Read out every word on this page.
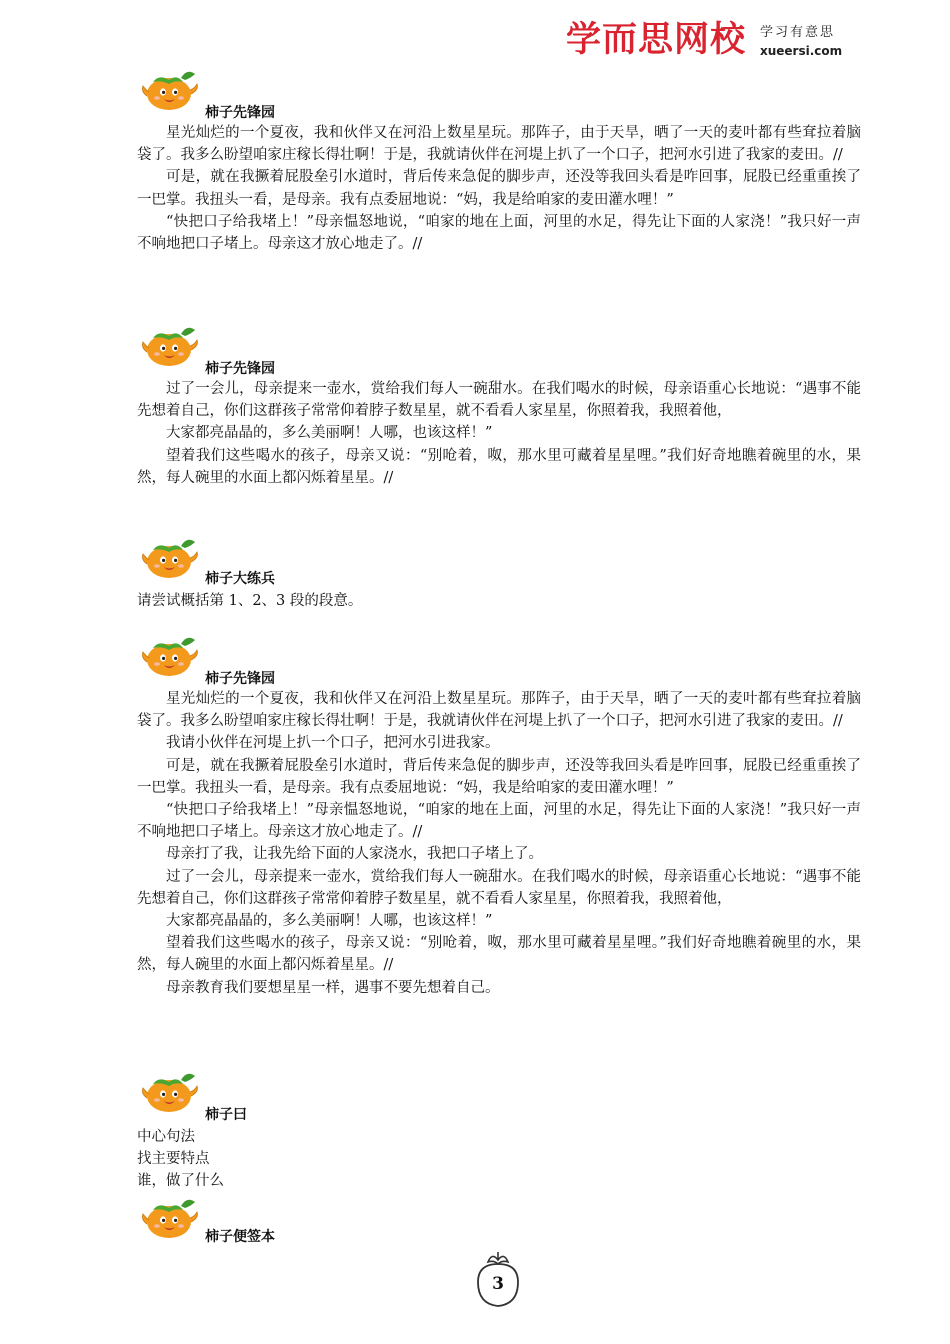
学而思网校 学习有意思
xueersi.com
柿子先锋园

星光灿烂的一个夏夜，我和伙伴又在河沿上数星星玩。那阵子，由于天旱，晒了一天的麦叶都有些耷拉着脑袋了。我多么盼望咱家庄稼长得壮啊！于是，我就请伙伴在河堤上扒了一个口子，把河水引进了我家的麦田。//

可是，就在我撅着屁股垒引水道时，背后传来急促的脚步声，还没等我回头看是咋回事，屁股已经重重挨了一巴掌。我扭头一看，是母亲。我有点委屈地说：“妈，我是给咱家的麦田灌水哩！”

“快把口子给我堵上！”母亲愠怒地说，“咱家的地在上面，河里的水足，得先让下面的人家浇！”我只好一声不响地把口子堵上。母亲这才放心地走了。//

柿子先锋园

过了一会儿，母亲提来一壶水，赏给我们每人一碗甜水。在我们喝水的时候，母亲语重心长地说：“遇事不能先想着自己，你们这群孩子常常仰着脖子数星星，就不看看人家星星，你照着我，我照着他，

大家都亮晶晶的，多么美丽啊！人哪，也该这样！”

望着我们这些喝水的孩子，母亲又说：“别呛着，呶，那水里可藏着星星哩。”我们好奇地瞧着碗里的水，果然，每人碗里的水面上都闪烁着星星。//

柿子大练兵

请尝试概括第 1、2、3 段的段意。

柿子先锋园

星光灿烂的一个夏夜，我和伙伴又在河沿上数星星玩。那阵子，由于天旱，晒了一天的麦叶都有些耷拉着脑袋了。我多么盼望咱家庄稼长得壮啊！于是，我就请伙伴在河堤上扒了一个口子，把河水引进了我家的麦田。//

我请小伙伴在河堤上扒一个口子，把河水引进我家。

可是，就在我撅着屁股垒引水道时，背后传来急促的脚步声，还没等我回头看是咋回事，屁股已经重重挨了一巴掌。我扭头一看，是母亲。我有点委屈地说：“妈，我是给咱家的麦田灌水哩！”

“快把口子给我堵上！”母亲愠怒地说，“咱家的地在上面，河里的水足，得先让下面的人家浇！”我只好一声不响地把口子堵上。母亲这才放心地走了。//

母亲打了我，让我先给下面的人家浇水，我把口子堵上了。

过了一会儿，母亲提来一壶水，赏给我们每人一碗甜水。在我们喝水的时候，母亲语重心长地说：“遇事不能先想着自己，你们这群孩子常常仰着脖子数星星，就不看看人家星星，你照着我，我照着他，

大家都亮晶晶的，多么美丽啊！人哪，也该这样！”

望着我们这些喝水的孩子，母亲又说：“别呛着，呶，那水里可藏着星星哩。”我们好奇地瞧着碗里的水，果然，每人碗里的水面上都闪烁着星星。//

母亲教育我们要想星星一样，遇事不要先想着自己。

柿子曰

中心句法

找主要特点

谁，做了什么

柿子便签本
3
